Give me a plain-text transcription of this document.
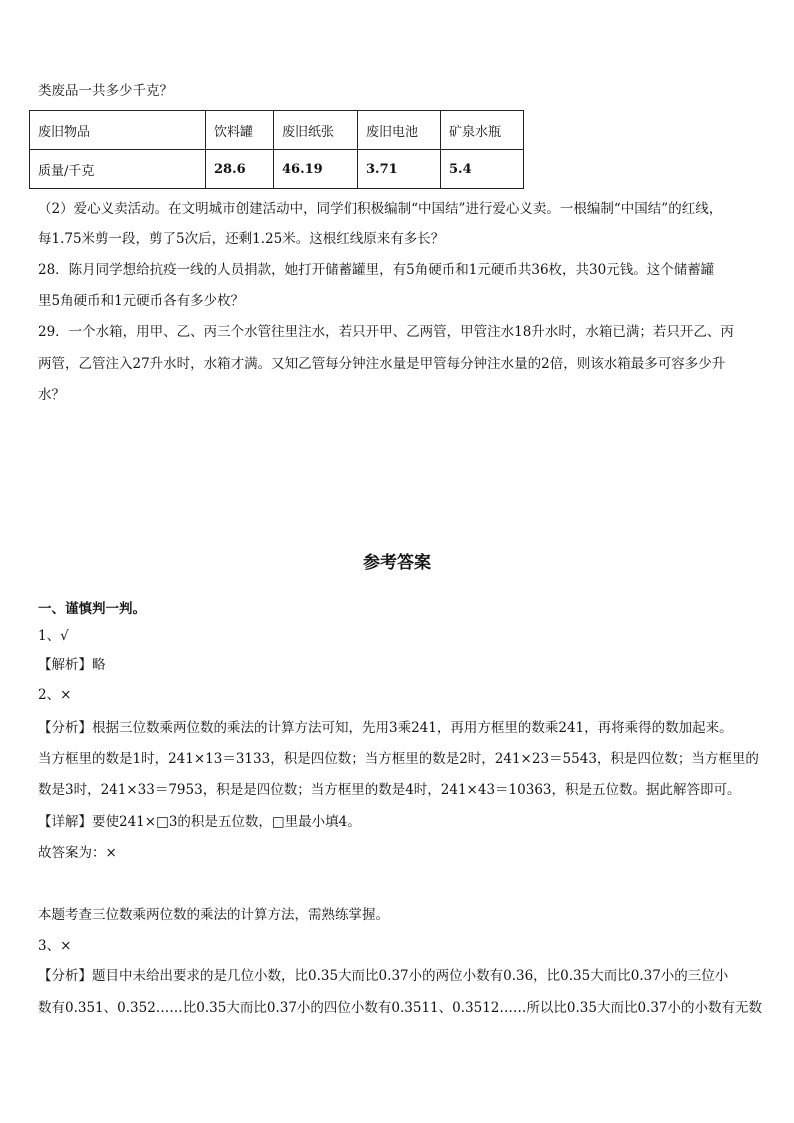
类废品一共多少千克？
废旧物品	饮料罐	废旧纸张	废旧电池	矿泉水瓶
质量/千克	28.6	46.19	3.71	5.4
（2）爱心义卖活动。在文明城市创建活动中，同学们积极编制“中国结”进行爱心义卖。一根编制“中国结”的红线，
每1.75米剪一段，剪了5次后，还剩1.25米。这根红线原来有多长？
28．陈月同学想给抗疫一线的人员捐款，她打开储蓄罐里，有5角硬币和1元硬币共36枚，共30元钱。这个储蓄罐
里5角硬币和1元硬币各有多少枚？
29．一个水箱，用甲、乙、丙三个水管往里注水，若只开甲、乙两管，甲管注水18升水时，水箱已满；若只开乙、丙
两管，乙管注入27升水时，水箱才满。又知乙管每分钟注水量是甲管每分钟注水量的2倍，则该水箱最多可容多少升
水？
参考答案
一、谨慎判一判。
1、√
【解析】略
2、×
【分析】根据三位数乘两位数的乘法的计算方法可知，先用3乘241，再用方框里的数乘241，再将乘得的数加起来。
当方框里的数是1时，241×13＝3133，积是四位数；当方框里的数是2时，241×23＝5543，积是四位数；当方框里的
数是3时，241×33＝7953，积是是四位数；当方框里的数是4时，241×43＝10363，积是五位数。据此解答即可。
【详解】要使241×□3的积是五位数，□里最小填4。
故答案为：×
本题考查三位数乘两位数的乘法的计算方法，需熟练掌握。
3、×
【分析】题目中未给出要求的是几位小数，比0.35大而比0.37小的两位小数有0.36，比0.35大而比0.37小的三位小
数有0.351、0.352……比0.35大而比0.37小的四位小数有0.3511、0.3512……所以比0.35大而比0.37小的小数有无数
